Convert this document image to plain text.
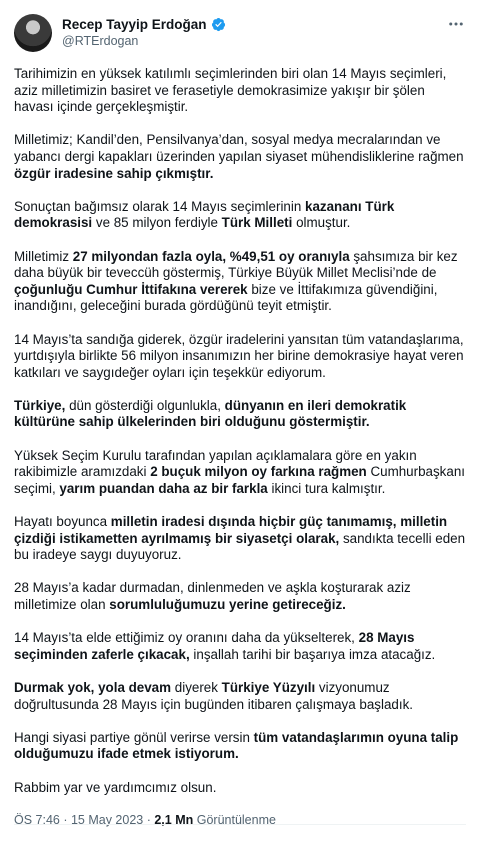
Recep Tayyip Erdoğan
@RTErdogan

Tarihimizin en yüksek katılımlı seçimlerinden biri olan 14 Mayıs seçimleri, aziz milletimizin basiret ve ferasetiyle demokrasimize yakışır bir şölen havası içinde gerçekleşmiştir.

Milletimiz; Kandil’den, Pensilvanya’dan, sosyal medya mecralarından ve yabancı dergi kapakları üzerinden yapılan siyaset mühendisliklerine rağmen özgür iradesine sahip çıkmıştır.

Sonuçtan bağımsız olarak 14 Mayıs seçimlerinin kazananı Türk demokrasisi ve 85 milyon ferdiyle Türk Milleti olmuştur.

Milletimiz 27 milyondan fazla oyla, %49,51 oy oranıyla şahsımıza bir kez daha büyük bir teveccüh göstermiş, Türkiye Büyük Millet Meclisi’nde de çoğunluğu Cumhur İttifakına vererek bize ve İttifakımıza güvendiğini, inandığını, geleceğini burada gördüğünü teyit etmiştir.

14 Mayıs’ta sandığa giderek, özgür iradelerini yansıtan tüm vatandaşlarıma, yurtdışıyla birlikte 56 milyon insanımızın her birine demokrasiye hayat veren katkıları ve saygıdeğer oyları için teşekkür ediyorum.

Türkiye, dün gösterdiği olgunlukla, dünyanın en ileri demokratik kültürüne sahip ülkelerinden biri olduğunu göstermiştir.

Yüksek Seçim Kurulu tarafından yapılan açıklamalara göre en yakın rakibimizle aramızdaki 2 buçuk milyon oy farkına rağmen Cumhurbaşkanı seçimi, yarım puandan daha az bir farkla ikinci tura kalmıştır.

Hayatı boyunca milletin iradesi dışında hiçbir güç tanımamış, milletin çizdiği istikametten ayrılmamış bir siyasetçi olarak, sandıkta tecelli eden bu iradeye saygı duyuyoruz.

28 Mayıs’a kadar durmadan, dinlenmeden ve aşkla koşturarak aziz milletimize olan sorumluluğumuzu yerine getireceğiz.

14 Mayıs’ta elde ettiğimiz oy oranını daha da yükselterek, 28 Mayıs seçiminden zaferle çıkacak, inşallah tarihi bir başarıya imza atacağız.

Durmak yok, yola devam diyerek Türkiye Yüzyılı vizyonumuz doğrultusunda 28 Mayıs için bugünden itibaren çalışmaya başladık.

Hangi siyasi partiye gönül verirse versin tüm vatandaşlarımın oyuna talip olduğumuzu ifade etmek istiyorum.

Rabbim yar ve yardımcımız olsun.

ÖS 7:46 · 15 May 2023 · 2,1 Mn Görüntülenme
